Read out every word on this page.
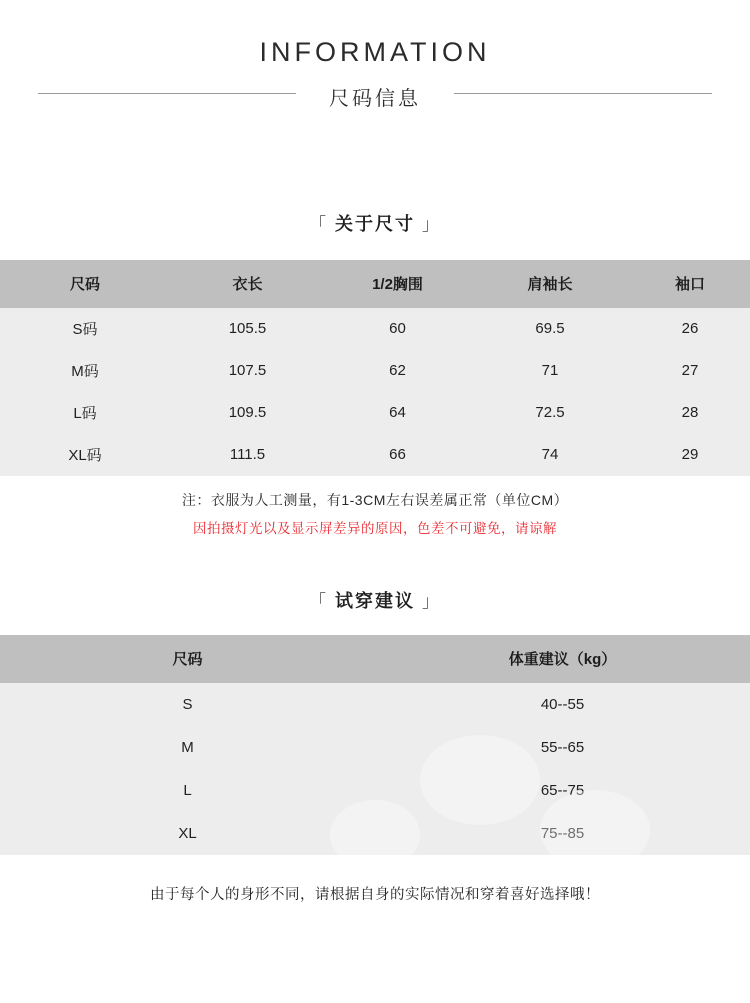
INFORMATION
尺码信息
「 关于尺寸 」
尺码	衣长	1/2胸围	肩袖长	袖口
S码	105.5	60	69.5	26
M码	107.5	62	71	27
L码	109.5	64	72.5	28
XL码	111.5	66	74	29
注：衣服为人工测量，有1-3CM左右误差属正常（单位CM）
因拍摄灯光以及显示屏差异的原因，色差不可避免，请谅解
「 试穿建议 」
尺码	体重建议（kg）
S	40--55
M	55--65
L	65--75
XL	75--85
由于每个人的身形不同，请根据自身的实际情况和穿着喜好选择哦！
